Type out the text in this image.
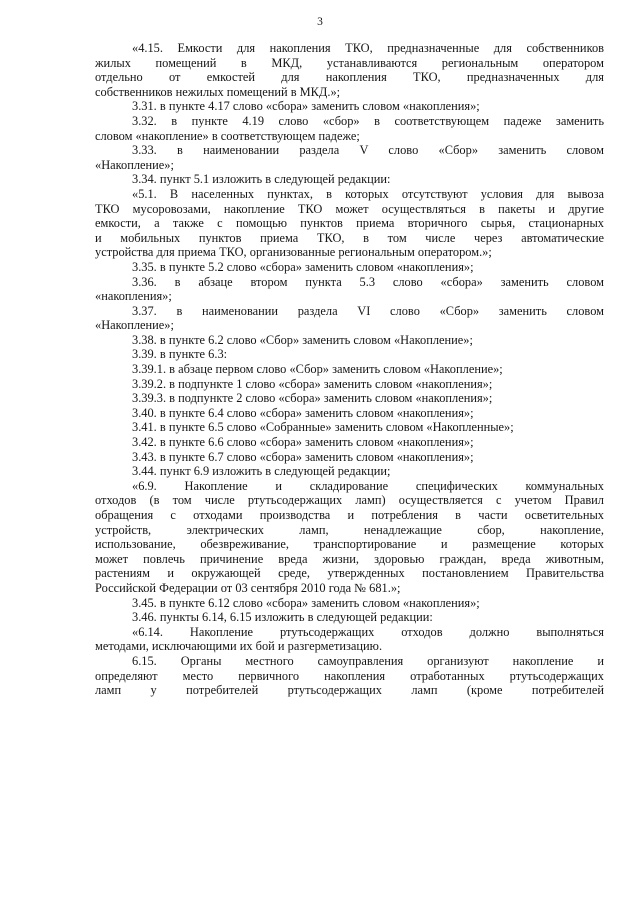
3
«4.15. Емкости для накопления ТКО, предназначенные для собственников
жилых помещений в МКД, устанавливаются региональным оператором
отдельно от емкостей для накопления ТКО, предназначенных для
собственников нежилых помещений в МКД.»;
3.31. в пункте 4.17 слово «сбора» заменить словом «накопления»;
3.32. в пункте 4.19 слово «сбор» в соответствующем падеже заменить
словом «накопление» в соответствующем падеже;
3.33. в наименовании раздела V слово «Сбор» заменить словом
«Накопление»;
3.34. пункт 5.1 изложить в следующей редакции:
«5.1. В населенных пунктах, в которых отсутствуют условия для вывоза
ТКО мусоровозами, накопление ТКО может осуществляться в пакеты и другие
емкости, а также с помощью пунктов приема вторичного сырья, стационарных
и мобильных пунктов приема ТКО, в том числе через автоматические
устройства для приема ТКО, организованные региональным оператором.»;
3.35. в пункте 5.2 слово «сбора» заменить словом «накопления»;
3.36. в абзаце втором пункта 5.3 слово «сбора» заменить словом
«накопления»;
3.37. в наименовании раздела VI слово «Сбор» заменить словом
«Накопление»;
3.38. в пункте 6.2 слово «Сбор» заменить словом «Накопление»;
3.39. в пункте 6.3:
3.39.1. в абзаце первом слово «Сбор» заменить словом «Накопление»;
3.39.2. в подпункте 1 слово «сбора» заменить словом «накопления»;
3.39.3. в подпункте 2 слово «сбора» заменить словом «накопления»;
3.40. в пункте 6.4 слово «сбора» заменить словом «накопления»;
3.41. в пункте 6.5 слово «Собранные» заменить словом «Накопленные»;
3.42. в пункте 6.6 слово «сбора» заменить словом «накопления»;
3.43. в пункте 6.7 слово «сбора» заменить словом «накопления»;
3.44. пункт 6.9 изложить в следующей редакции;
«6.9. Накопление и складирование специфических коммунальных
отходов (в том числе ртутьсодержащих ламп) осуществляется с учетом Правил
обращения с отходами производства и потребления в части осветительных
устройств, электрических ламп, ненадлежащие сбор, накопление,
использование, обезвреживание, транспортирование и размещение которых
может повлечь причинение вреда жизни, здоровью граждан, вреда животным,
растениям и окружающей среде, утвержденных постановлением Правительства
Российской Федерации от 03 сентября 2010 года № 681.»;
3.45. в пункте 6.12 слово «сбора» заменить словом «накопления»;
3.46. пункты 6.14, 6.15 изложить в следующей редакции:
«6.14. Накопление ртутьсодержащих отходов должно выполняться
методами, исключающими их бой и разгерметизацию.
6.15. Органы местного самоуправления организуют накопление и
определяют место первичного накопления отработанных ртутьсодержащих
ламп у потребителей ртутьсодержащих ламп (кроме потребителей
